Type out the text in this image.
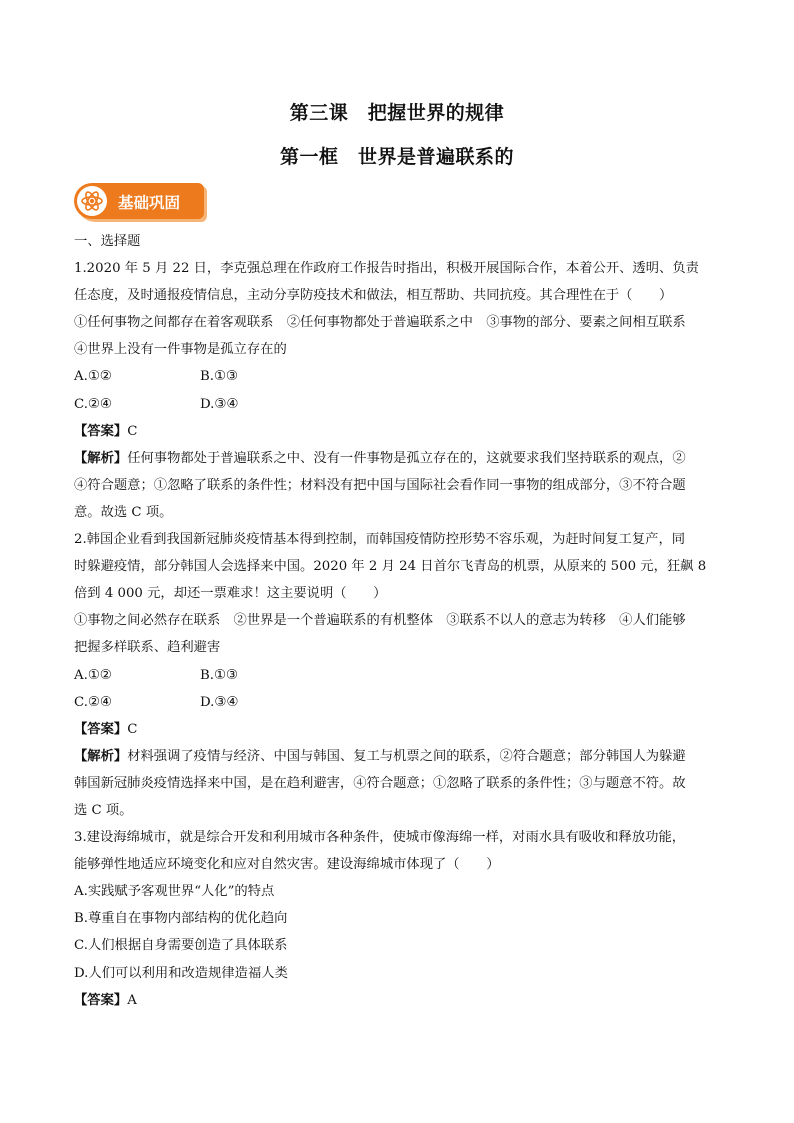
第三课　把握世界的规律
第一框　世界是普遍联系的
基础巩固
一、选择题
1.2020 年 5 月 22 日，李克强总理在作政府工作报告时指出，积极开展国际合作，本着公开、透明、负责
任态度，及时通报疫情信息，主动分享防疫技术和做法，相互帮助、共同抗疫。其合理性在于（　　）
①任何事物之间都存在着客观联系　②任何事物都处于普遍联系之中　③事物的部分、要素之间相互联系
④世界上没有一件事物是孤立存在的
A.①②	B.①③
C.②④	D.③④
【答案】C
【解析】任何事物都处于普遍联系之中、没有一件事物是孤立存在的，这就要求我们坚持联系的观点，②
④符合题意；①忽略了联系的条件性；材料没有把中国与国际社会看作同一事物的组成部分，③不符合题
意。故选 C 项。
2.韩国企业看到我国新冠肺炎疫情基本得到控制，而韩国疫情防控形势不容乐观，为赶时间复工复产，同
时躲避疫情，部分韩国人会选择来中国。2020 年 2 月 24 日首尔飞青岛的机票，从原来的 500 元，狂飙 8
倍到 4 000 元，却还一票难求！这主要说明（　　）
①事物之间必然存在联系　②世界是一个普遍联系的有机整体　③联系不以人的意志为转移　④人们能够
把握多样联系、趋利避害
A.①②	B.①③
C.②④	D.③④
【答案】C
【解析】材料强调了疫情与经济、中国与韩国、复工与机票之间的联系，②符合题意；部分韩国人为躲避
韩国新冠肺炎疫情选择来中国，是在趋利避害，④符合题意；①忽略了联系的条件性；③与题意不符。故
选 C 项。
3.建设海绵城市，就是综合开发和利用城市各种条件，使城市像海绵一样，对雨水具有吸收和释放功能，
能够弹性地适应环境变化和应对自然灾害。建设海绵城市体现了（　　）
A.实践赋予客观世界“人化”的特点
B.尊重自在事物内部结构的优化趋向
C.人们根据自身需要创造了具体联系
D.人们可以利用和改造规律造福人类
【答案】A
